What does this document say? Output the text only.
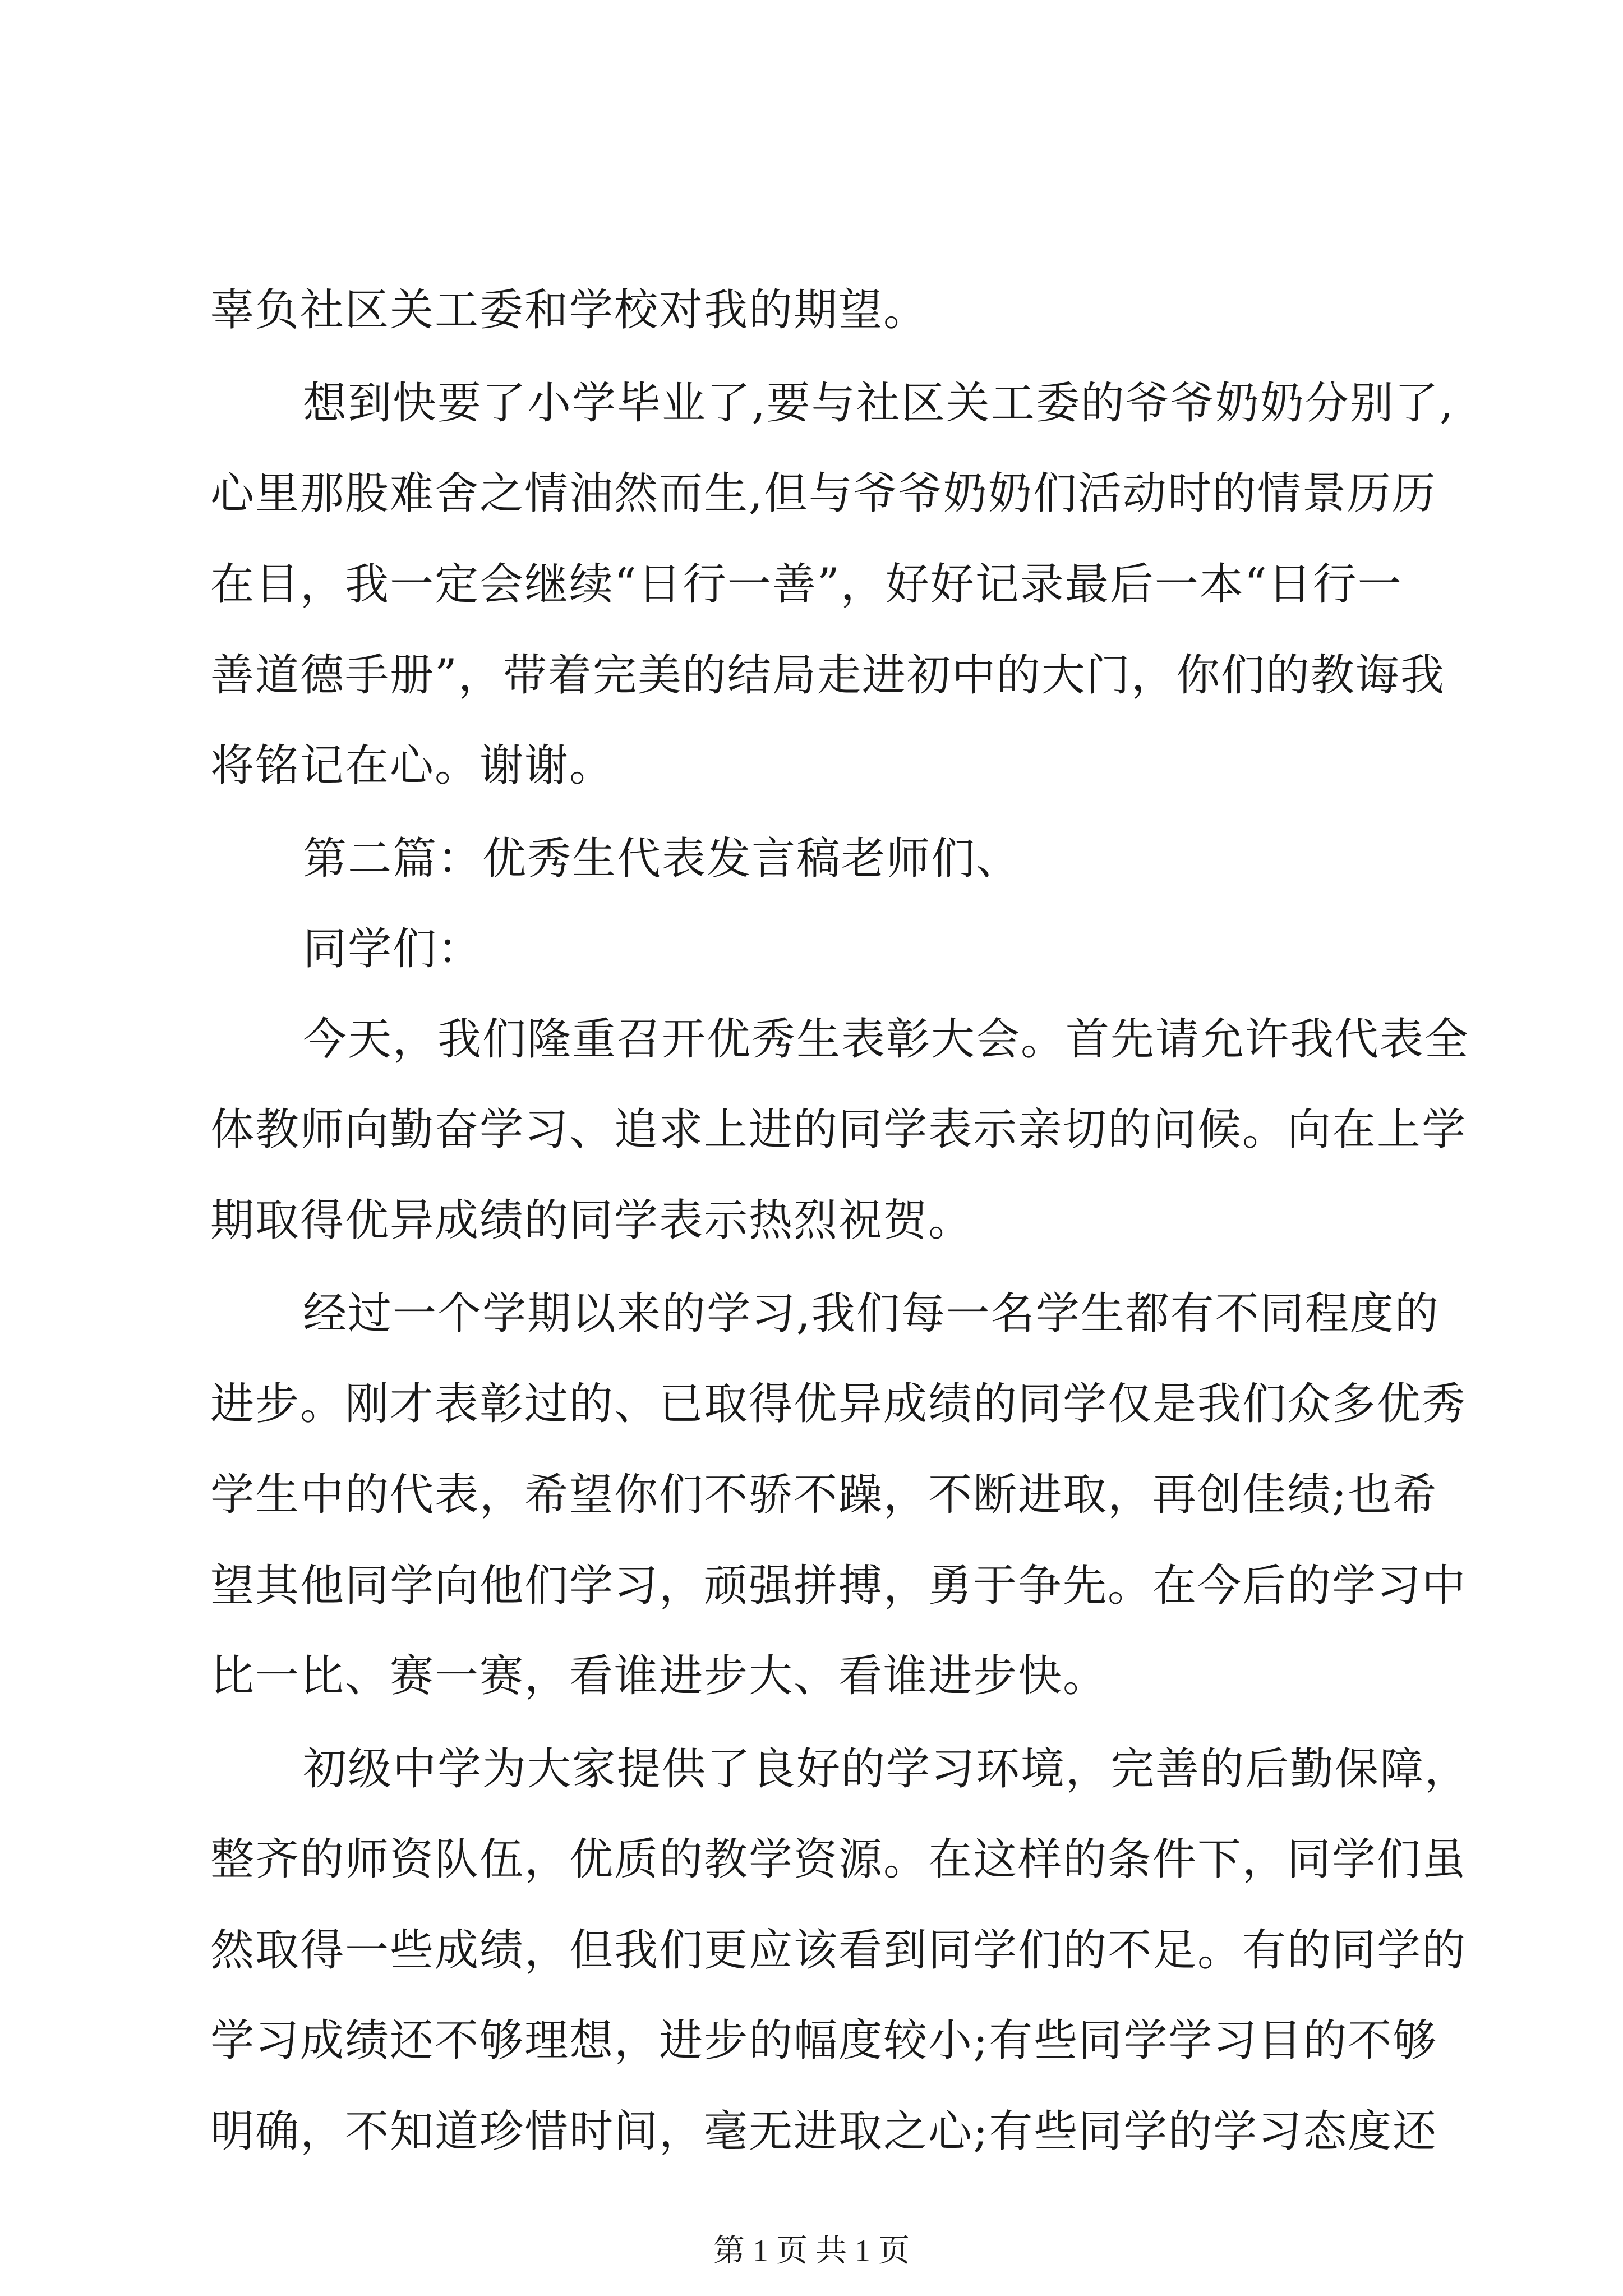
辜负社区关工委和学校对我的期望。
想到快要了小学毕业了,要与社区关工委的爷爷奶奶分别了,
心里那股难舍之情油然而生,但与爷爷奶奶们活动时的情景历历
在目，我一定会继续“日行一善”，好好记录最后一本“日行一
善道德手册”，带着完美的结局走进初中的大门，你们的教诲我
将铭记在心。谢谢。
第二篇：优秀生代表发言稿老师们、
同学们：
今天，我们隆重召开优秀生表彰大会。首先请允许我代表全
体教师向勤奋学习、追求上进的同学表示亲切的问候。向在上学
期取得优异成绩的同学表示热烈祝贺。
经过一个学期以来的学习,我们每一名学生都有不同程度的
进步。刚才表彰过的、已取得优异成绩的同学仅是我们众多优秀
学生中的代表，希望你们不骄不躁，不断进取，再创佳绩;也希
望其他同学向他们学习，顽强拼搏，勇于争先。在今后的学习中
比一比、赛一赛，看谁进步大、看谁进步快。
初级中学为大家提供了良好的学习环境，完善的后勤保障，
整齐的师资队伍，优质的教学资源。在这样的条件下，同学们虽
然取得一些成绩，但我们更应该看到同学们的不足。有的同学的
学习成绩还不够理想，进步的幅度较小;有些同学学习目的不够
明确，不知道珍惜时间，毫无进取之心;有些同学的学习态度还
第 1 页 共 1 页
